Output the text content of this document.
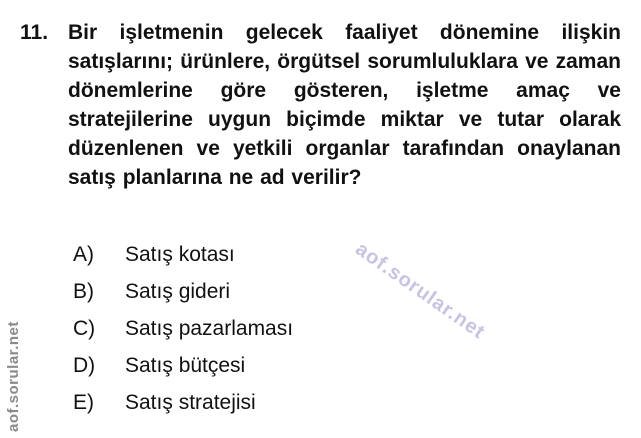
11. Bir işletmenin gelecek faaliyet dönemine ilişkin satışlarını; ürünlere, örgütsel sorumluluklara ve zaman dönemlerine göre gösteren, işletme amaç ve stratejilerine uygun biçimde miktar ve tutar olarak düzenlenen ve yetkili organlar tarafından onaylanan satış planlarına ne ad verilir?
A)	Satış kotası
B)	Satış gideri
C)	Satış pazarlaması
D)	Satış bütçesi
E)	Satış stratejisi
aof.sorular.net
aof.sorular.net
